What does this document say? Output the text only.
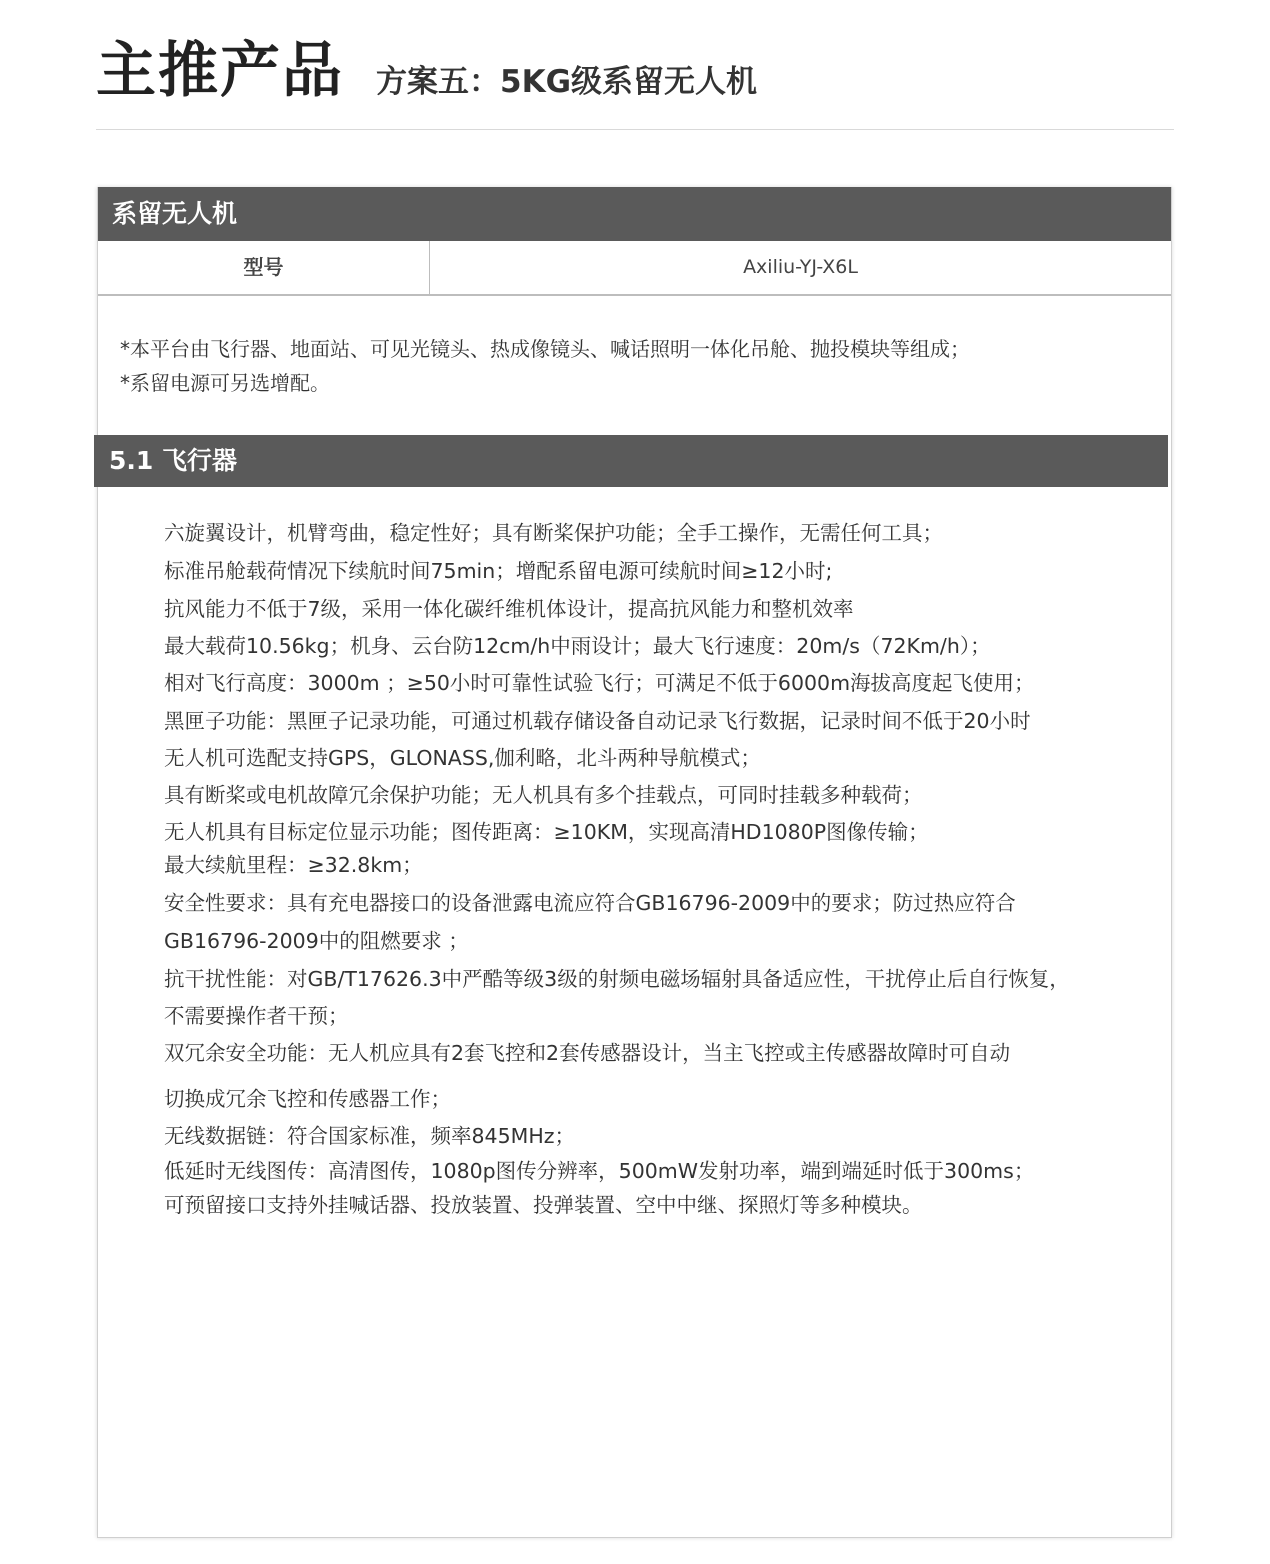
主推产品 方案五：5KG级系留无人机
系留无人机
型号	Axiliu-YJ-X6L
*本平台由飞行器、地面站、可见光镜头、热成像镜头、喊话照明一体化吊舱、抛投模块等组成；
*系留电源可另选增配。
5.1 飞行器
六旋翼设计，机臂弯曲，稳定性好；具有断桨保护功能；全手工操作，无需任何工具；
标准吊舱载荷情况下续航时间75min；增配系留电源可续航时间≥12小时;
抗风能力不低于7级，采用一体化碳纤维机体设计，提高抗风能力和整机效率
最大载荷10.56kg；机身、云台防12cm/h中雨设计；最大飞行速度：20m/s（72Km/h）；
相对飞行高度：3000m ；≥50小时可靠性试验飞行；可满足不低于6000m海拔高度起飞使用；
黑匣子功能：黑匣子记录功能，可通过机载存储设备自动记录飞行数据，记录时间不低于20小时
无人机可选配支持GPS，GLONASS,伽利略，北斗两种导航模式；
具有断桨或电机故障冗余保护功能；无人机具有多个挂载点，可同时挂载多种载荷；
无人机具有目标定位显示功能；图传距离：≥10KM，实现高清HD1080P图像传输；
最大续航里程：≥32.8km；
安全性要求：具有充电器接口的设备泄露电流应符合GB16796-2009中的要求；防过热应符合
GB16796-2009中的阻燃要求 ；
抗干扰性能：对GB/T17626.3中严酷等级3级的射频电磁场辐射具备适应性，干扰停止后自行恢复，
不需要操作者干预；
双冗余安全功能：无人机应具有2套飞控和2套传感器设计，当主飞控或主传感器故障时可自动
切换成冗余飞控和传感器工作；
无线数据链：符合国家标准，频率845MHz；
低延时无线图传：高清图传，1080p图传分辨率，500mW发射功率，端到端延时低于300ms；
可预留接口支持外挂喊话器、投放装置、投弹装置、空中中继、探照灯等多种模块。
